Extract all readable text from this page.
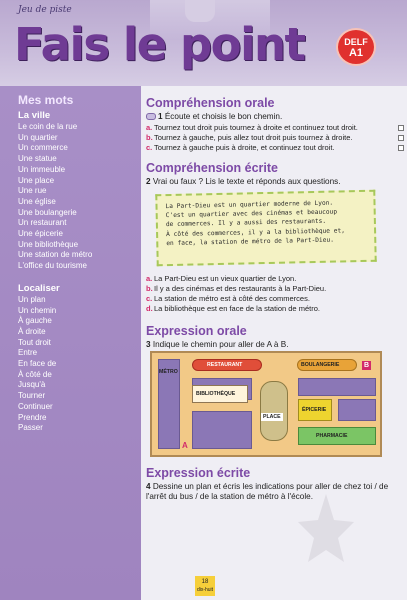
Jeu de piste
Fais le point	DELF
A1
Mes mots
La ville
Le coin de la rue
Un quartier
Un commerce
Une statue
Un immeuble
Une place
Une rue
Une église
Une boulangerie
Un restaurant
Une épicerie
Une bibliothèque
Une station de métro
L'office du tourisme
Localiser
Un plan
Un chemin
À gauche
À droite
Tout droit
Entre
En face de
À côté de
Jusqu'à
Tourner
Continuer
Prendre
Passer
Compréhension orale
1 Écoute et choisis le bon chemin.
a. Tournez tout droit puis tournez à droite et continuez tout droit.
b. Tournez à gauche, puis allez tout droit puis tournez à droite.
c. Tournez à gauche puis à droite, et continuez tout droit.
Compréhension écrite
2 Vrai ou faux ? Lis le texte et réponds aux questions.
La Part-Dieu est un quartier moderne de Lyon.
C'est un quartier avec des cinémas et beaucoup
de commerces. Il y a aussi des restaurants.
À côté des commerces, il y a la bibliothèque et,
en face, la station de métro de la Part-Dieu.
a. La Part-Dieu est un vieux quartier de Lyon.
b. Il y a des cinémas et des restaurants à la Part-Dieu.
c. La station de métro est à côté des commerces.
d. La bibliothèque est en face de la station de métro.
Expression orale
3 Indique le chemin pour aller de A à B.
MÉTRO
RESTAURANT	BOULANGERIE	B
BIBLIOTHÈQUE
PLACE
ÉPICERIE
PHARMACIE
A
Expression écrite
4 Dessine un plan et écris les indications pour aller de chez toi / de l'arrêt du bus / de la station de métro à l'école.
18
dix-huit
